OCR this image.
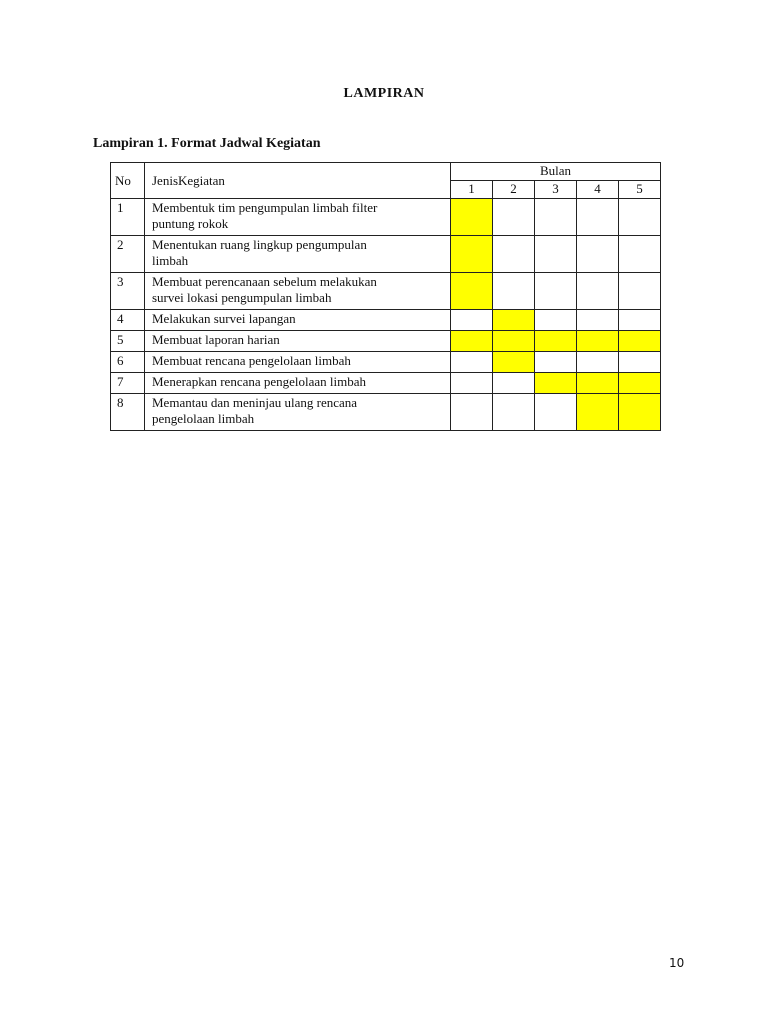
LAMPIRAN
Lampiran 1. Format Jadwal Kegiatan
No	JenisKegiatan	Bulan				
		1	2	3	4	5
1	Membentuk tim pengumpulan limbah filter
puntung rokok					

2	Menentukan ruang lingkup pengumpulan
limbah					

3	Membuat perencanaan sebelum melakukan
survei lokasi pengumpulan limbah					

4	Melakukan survei lapangan					

5	Membuat laporan harian					

6	Membuat rencana pengelolaan limbah					

7	Menerapkan rencana pengelolaan limbah					

8	Memantau dan meninjau ulang rencana
pengelolaan limbah					

10
